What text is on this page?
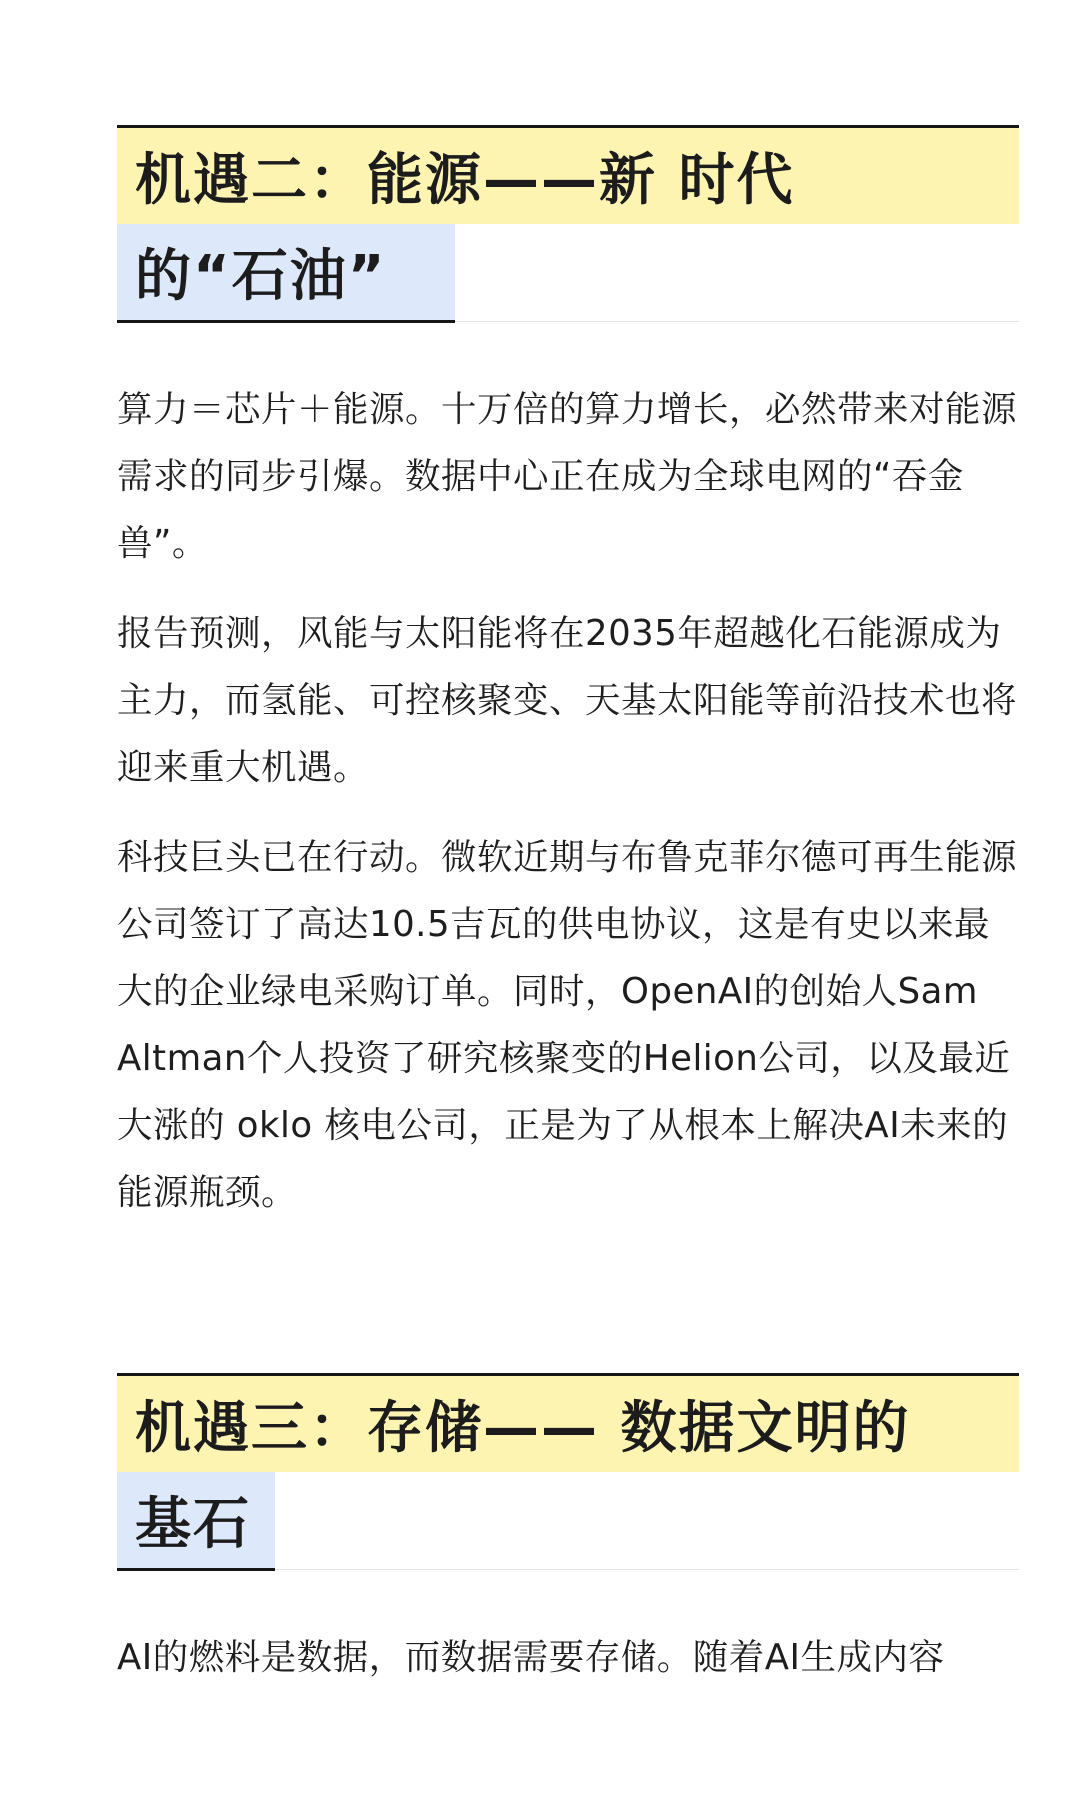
机遇二：能源——新 时代
的“石油”

算力＝芯片＋能源。十万倍的算力增长，必然带来对能源需求的同步引爆。数据中心正在成为全球电网的“吞金兽”。

报告预测，风能与太阳能将在2035年超越化石能源成为主力，而氢能、可控核聚变、天基太阳能等前沿技术也将迎来重大机遇。

科技巨头已在行动。微软近期与布鲁克菲尔德可再生能源公司签订了高达10.5吉瓦的供电协议，这是有史以来最大的企业绿电采购订单。同时，OpenAI的创始人Sam Altman个人投资了研究核聚变的Helion公司，以及最近大涨的 oklo 核电公司，正是为了从根本上解决AI未来的能源瓶颈。

机遇三：存储—— 数据文明的
基石

AI的燃料是数据，而数据需要存储。随着AI生成内容
